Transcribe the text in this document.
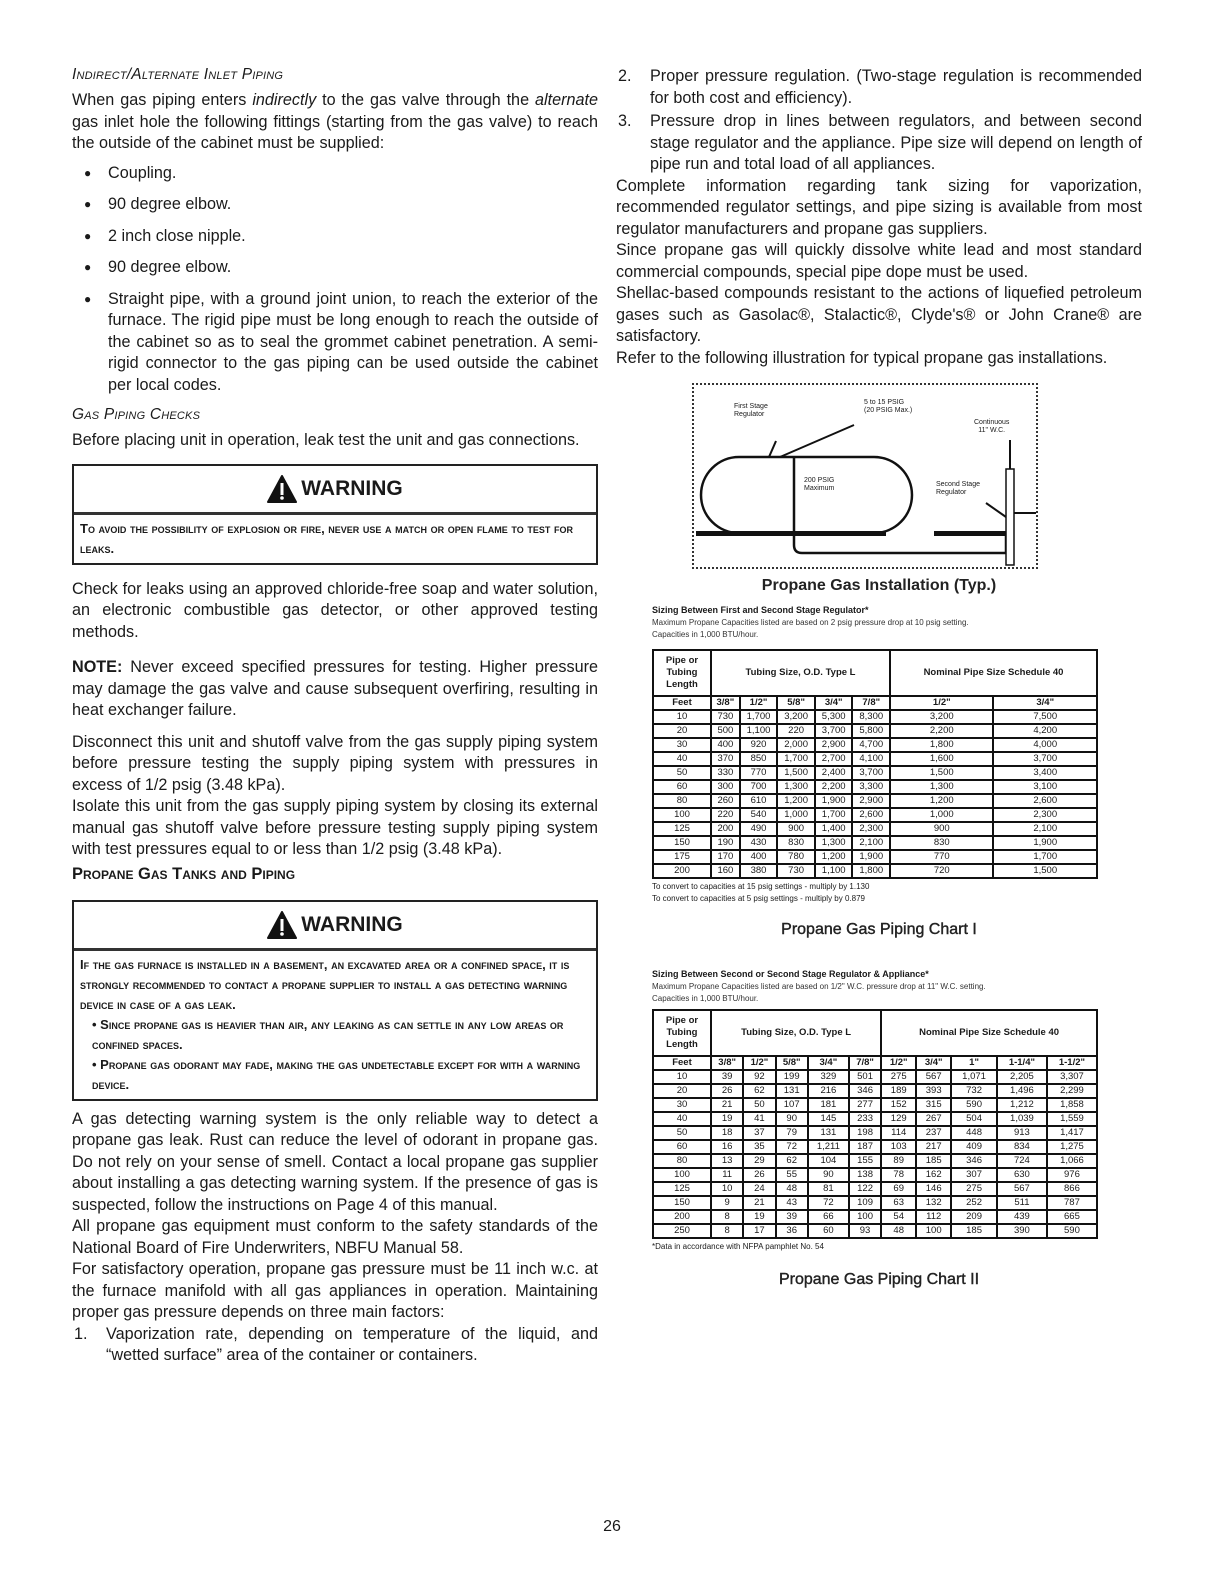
Indirect/Alternate Inlet Piping

When gas piping enters indirectly to the gas valve through the alternate gas inlet hole the following fittings (starting from the gas valve) to reach the outside of the cabinet must be supplied:

● Coupling.
● 90 degree elbow.
● 2 inch close nipple.
● 90 degree elbow.
● Straight pipe, with a ground joint union, to reach the exterior of the furnace. The rigid pipe must be long enough to reach the outside of the cabinet so as to seal the grommet cabinet penetration. A semi-rigid connector to the gas piping can be used outside the cabinet per local codes.
Gas Piping Checks

Before placing unit in operation, leak test the unit and gas connections.

WARNING
To avoid the possibility of explosion or fire, never use a match or open flame to test for leaks.

Check for leaks using an approved chloride-free soap and water solution, an electronic combustible gas detector, or other approved testing methods.

NOTE: Never exceed specified pressures for testing. Higher pressure may damage the gas valve and cause subsequent overfiring, resulting in heat exchanger failure.

Disconnect this unit and shutoff valve from the gas supply piping system before pressure testing the supply piping system with pressures in excess of 1/2 psig (3.48 kPa).

Isolate this unit from the gas supply piping system by closing its external manual gas shutoff valve before pressure testing supply piping system with test pressures equal to or less than 1/2 psig (3.48 kPa).

Propane Gas Tanks and Piping
WARNING
If the gas furnace is installed in a basement, an excavated area or a confined space, it is strongly recommended to contact a propane supplier to install a gas detecting warning device in case of a gas leak.
• Since propane gas is heavier than air, any leaking as can settle in any low areas or confined spaces.
• Propane gas odorant may fade, making the gas undetectable except for with a warning device.

A gas detecting warning system is the only reliable way to detect a propane gas leak. Rust can reduce the level of odorant in propane gas. Do not rely on your sense of smell. Contact a local propane gas supplier about installing a gas detecting warning system. If the presence of gas is suspected, follow the instructions on Page 4 of this manual.

All propane gas equipment must conform to the safety standards of the National Board of Fire Underwriters, NBFU Manual 58.

For satisfactory operation, propane gas pressure must be 11 inch w.c. at the furnace manifold with all gas appliances in operation. Maintaining proper gas pressure depends on three main factors:

1. Vaporization rate, depending on temperature of the liquid, and “wetted surface” area of the container or containers.
2. Proper pressure regulation. (Two-stage regulation is recommended for both cost and efficiency).
3. Pressure drop in lines between regulators, and between second stage regulator and the appliance. Pipe size will depend on length of pipe run and total load of all appliances.

Complete information regarding tank sizing for vaporization, recommended regulator settings, and pipe sizing is available from most regulator manufacturers and propane gas suppliers.

Since propane gas will quickly dissolve white lead and most standard commercial compounds, special pipe dope must be used.

Shellac-based compounds resistant to the actions of liquefied petroleum gases such as Gasolac®, Stalactic®, Clyde's® or John Crane® are satisfactory.

Refer to the following illustration for typical propane gas installations.

First Stage
Regulator
5 to 15 PSIG
(20 PSIG Max.)
200 PSIG
Maximum
Continuous
11" W.C.
Second Stage
Regulator
Propane Gas Installation (Typ.)

Sizing Between First and Second Stage Regulator*

Maximum Propane Capacities listed are based on 2 psig pressure drop at 10 psig setting.
Capacities in 1,000 BTU/hour.

Pipe or Tubing Length	Tubing Size, O.D. Type L					Nominal Pipe Size Schedule 40	
Feet	3/8"	1/2"	5/8"	3/4"	7/8"	1/2"	3/4"
10	730	1,700	3,200	5,300	8,300	3,200	7,500
20	500	1,100	220	3,700	5,800	2,200	4,200
30	400	920	2,000	2,900	4,700	1,800	4,000
40	370	850	1,700	2,700	4,100	1,600	3,700
50	330	770	1,500	2,400	3,700	1,500	3,400
60	300	700	1,300	2,200	3,300	1,300	3,100
80	260	610	1,200	1,900	2,900	1,200	2,600
100	220	540	1,000	1,700	2,600	1,000	2,300
125	200	490	900	1,400	2,300	900	2,100
150	190	430	830	1,300	2,100	830	1,900
175	170	400	780	1,200	1,900	770	1,700
200	160	380	730	1,100	1,800	720	1,500

To convert to capacities at 15 psig settings - multiply by 1.130

To convert to capacities at 5 psig settings - multiply by 0.879

Propane Gas Piping Chart I

Sizing Between Second or Second Stage Regulator & Appliance*

Maximum Propane Capacities listed are based on 1/2" W.C. pressure drop at 11" W.C. setting.
Capacities in 1,000 BTU/hour.

Pipe or Tubing Length	Tubing Size, O.D. Type L					Nominal Pipe Size Schedule 40				
Feet	3/8"	1/2"	5/8"	3/4"	7/8"	1/2"	3/4"	1"	1-1/4"	1-1/2"
10	39	92	199	329	501	275	567	1,071	2,205	3,307
20	26	62	131	216	346	189	393	732	1,496	2,299
30	21	50	107	181	277	152	315	590	1,212	1,858
40	19	41	90	145	233	129	267	504	1,039	1,559
50	18	37	79	131	198	114	237	448	913	1,417
60	16	35	72	1,211	187	103	217	409	834	1,275
80	13	29	62	104	155	89	185	346	724	1,066
100	11	26	55	90	138	78	162	307	630	976
125	10	24	48	81	122	69	146	275	567	866
150	9	21	43	72	109	63	132	252	511	787
200	8	19	39	66	100	54	112	209	439	665
250	8	17	36	60	93	48	100	185	390	590

*Data in accordance with NFPA pamphlet No. 54

Propane Gas Piping Chart II
26
